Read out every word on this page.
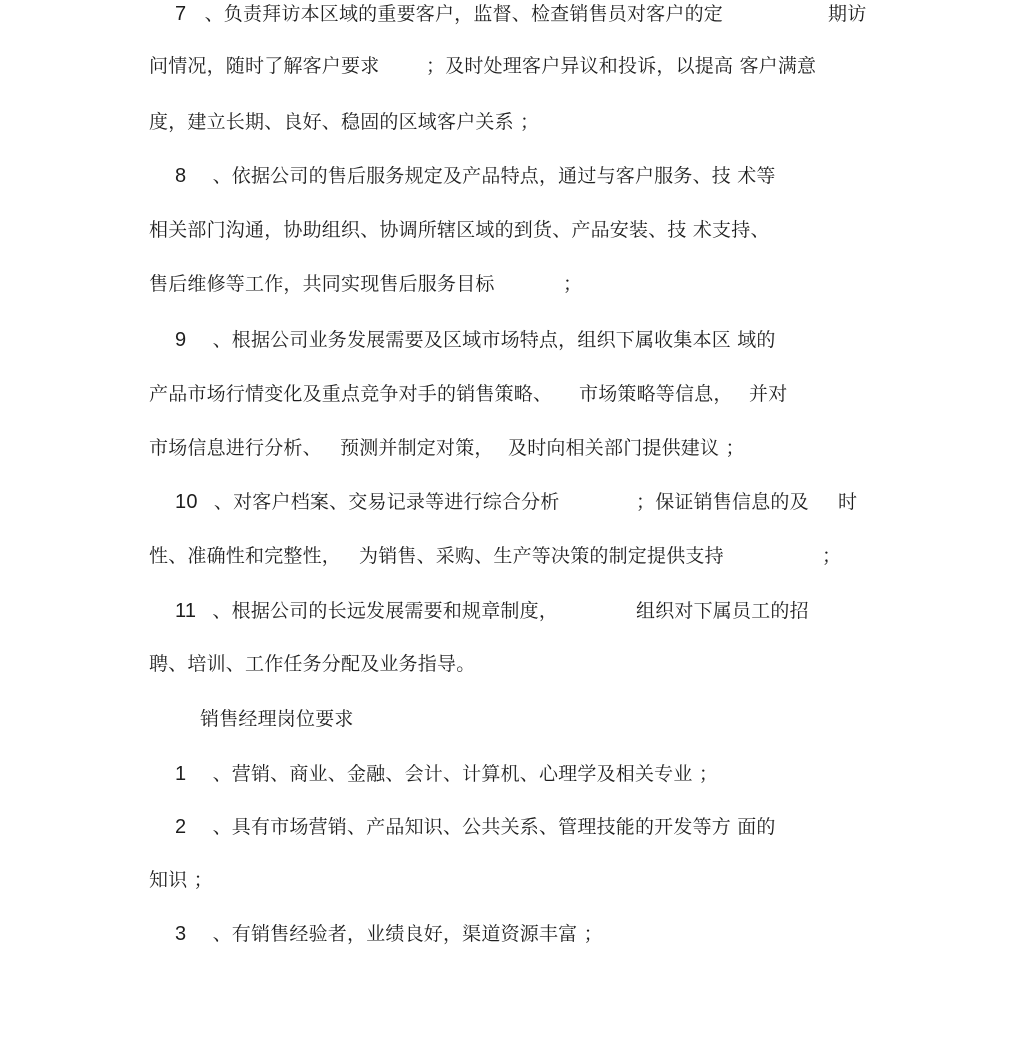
7 、负责拜访本区域的重要客户，监督、检查销售员对客户的定	期访
问情况，随时了解客户要求 ；及时处理客户异议和投诉，以提高 客户满意
度，建立长期、良好、稳固的区域客户关系 ；
8 、依据公司的售后服务规定及产品特点，通过与客户服务、技 术等
相关部门沟通，协助组织、协调所辖区域的到货、产品安装、技 术支持、
售后维修等工作，共同实现售后服务目标	；
9 、根据公司业务发展需要及区域市场特点，组织下属收集本区 域的
产品市场行情变化及重点竞争对手的销售策略、 市场策略等信息， 并对
市场信息进行分析、 预测并制定对策， 及时向相关部门提供建议 ；
10 、对客户档案、交易记录等进行综合分析	；保证销售信息的及 时
性、准确性和完整性， 为销售、采购、生产等决策的制定提供支持	；
11 、根据公司的长远发展需要和规章制度，	组织对下属员工的招
聘、培训、工作任务分配及业务指导。
销售经理岗位要求
1 、营销、商业、金融、会计、计算机、心理学及相关专业 ；
2 、具有市场营销、产品知识、公共关系、管理技能的开发等方 面的
知识 ；
3 、有销售经验者，业绩良好，渠道资源丰富 ；
